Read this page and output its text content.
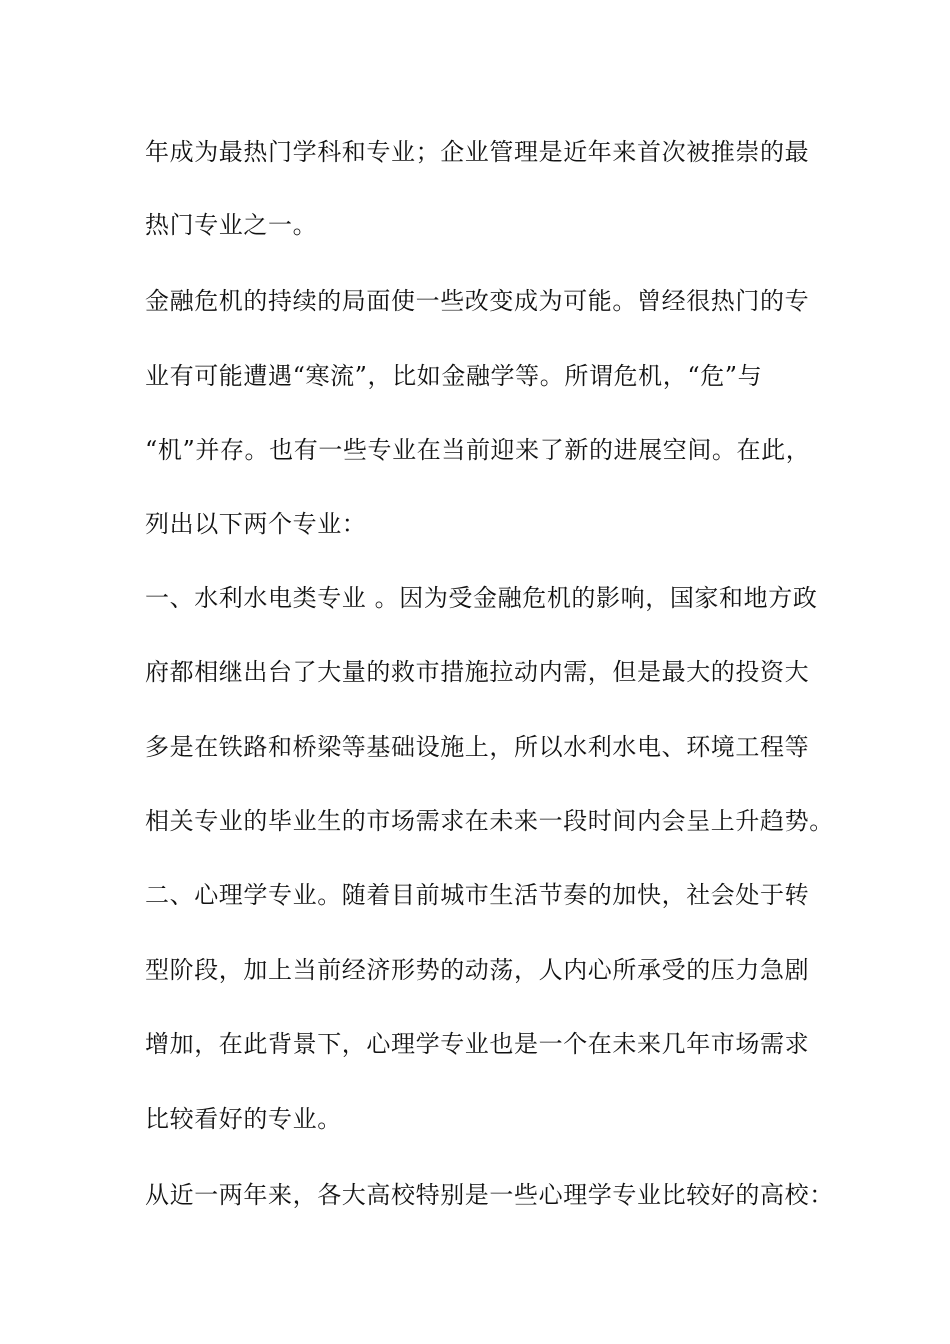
年成为最热门学科和专业；企业管理是近年来首次被推崇的最
热门专业之一。
金融危机的持续的局面使一些改变成为可能。曾经很热门的专
业有可能遭遇“寒流”，比如金融学等。所谓危机，“危”与
“机”并存。也有一些专业在当前迎来了新的进展空间。在此，
列出以下两个专业：
一、水利水电类专业 。因为受金融危机的影响，国家和地方政
府都相继出台了大量的救市措施拉动内需，但是最大的投资大
多是在铁路和桥梁等基础设施上，所以水利水电、环境工程等
相关专业的毕业生的市场需求在未来一段时间内会呈上升趋势。
二、心理学专业。随着目前城市生活节奏的加快，社会处于转
型阶段，加上当前经济形势的动荡，人内心所承受的压力急剧
增加，在此背景下，心理学专业也是一个在未来几年市场需求
比较看好的专业。
从近一两年来，各大高校特别是一些心理学专业比较好的高校：
